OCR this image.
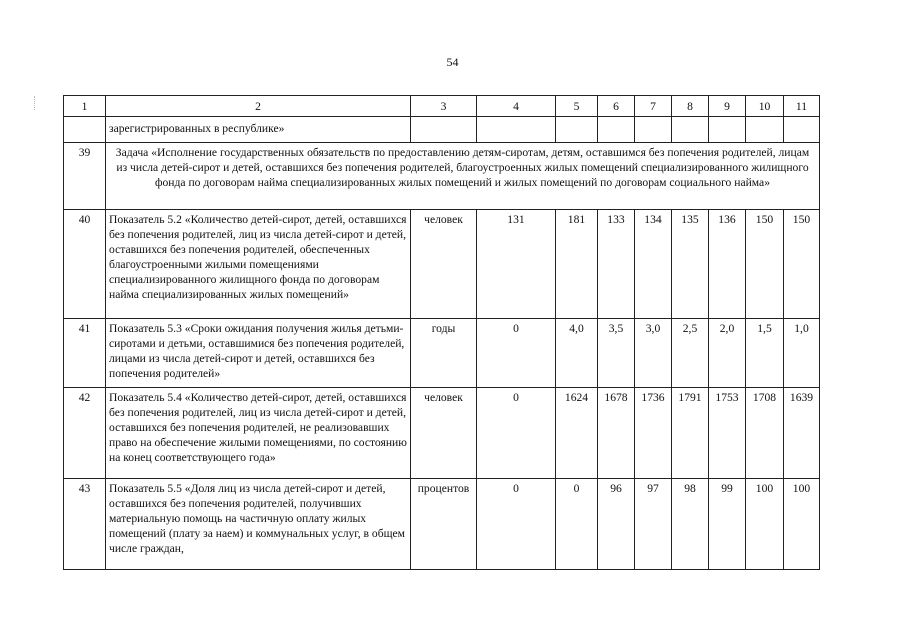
54
1	2	3	4	5	6	7	8	9	10	11
	зарегистрированных в республике»									
39	Задача «Исполнение государственных обязательств по предоставлению детям-сиротам, детям, оставшимся без попечения родителей, лицам из числа детей-сирот и детей, оставшихся без попечения родителей, благоустроенных жилых помещений специализированного жилищного фонда по договорам найма специализированных жилых помещений и жилых помещений по договорам социального найма»									
40	Показатель 5.2 «Количество детей-сирот, детей, оставшихся без попечения родителей, лиц из числа детей-сирот и детей, оставшихся без попечения родителей, обеспеченных благоустроенными жилыми помещениями специализированного жилищного фонда по договорам найма специализированных жилых помещений»	человек	131	181	133	134	135	136	150	150
41	Показатель 5.3 «Сроки ожидания получения жилья детьми-сиротами и детьми, оставшимися без попечения родителей, лицами из числа детей-сирот и детей, оставшихся без попечения родителей»	годы	0	4,0	3,5	3,0	2,5	2,0	1,5	1,0
42	Показатель 5.4 «Количество детей-сирот, детей, оставшихся без попечения родителей, лиц из числа детей-сирот и детей, оставшихся без попечения родителей, не реализовавших право на обеспечение жилыми помещениями, по состоянию на конец соответствующего года»	человек	0	1624	1678	1736	1791	1753	1708	1639
43	Показатель 5.5 «Доля лиц из числа детей-сирот и детей, оставшихся без попечения родителей, получивших материальную помощь на частичную оплату жилых помещений (плату за наем) и коммунальных услуг, в общем числе граждан,	процентов	0	0	96	97	98	99	100	100
